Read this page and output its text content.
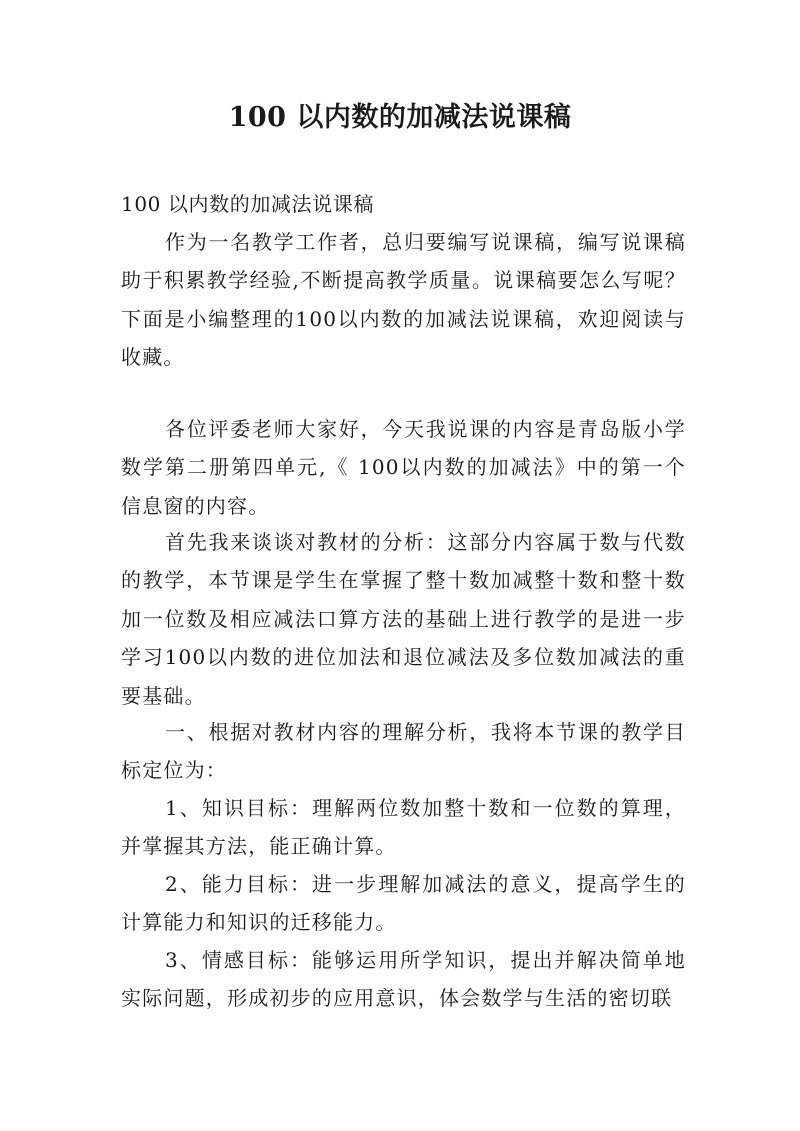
100 以内数的加减法说课稿
100 以内数的加减法说课稿

作为一名教学工作者，总归要编写说课稿，编写说课稿助于积累教学经验,不断提高教学质量。说课稿要怎么写呢？下面是小编整理的100以内数的加减法说课稿，欢迎阅读与收藏。

各位评委老师大家好，今天我说课的内容是青岛版小学数学第二册第四单元,《 100以内数的加减法》中的第一个信息窗的内容。

首先我来谈谈对教材的分析：这部分内容属于数与代数的教学，本节课是学生在掌握了整十数加减整十数和整十数加一位数及相应减法口算方法的基础上进行教学的是进一步学习100以内数的进位加法和退位减法及多位数加减法的重要基础。

一、根据对教材内容的理解分析，我将本节课的教学目标定位为：

1、知识目标：理解两位数加整十数和一位数的算理，并掌握其方法，能正确计算。

2、能力目标：进一步理解加减法的意义，提高学生的计算能力和知识的迁移能力。

3、情感目标：能够运用所学知识，提出并解决简单地实际问题，形成初步的应用意识，体会数学与生活的密切联
